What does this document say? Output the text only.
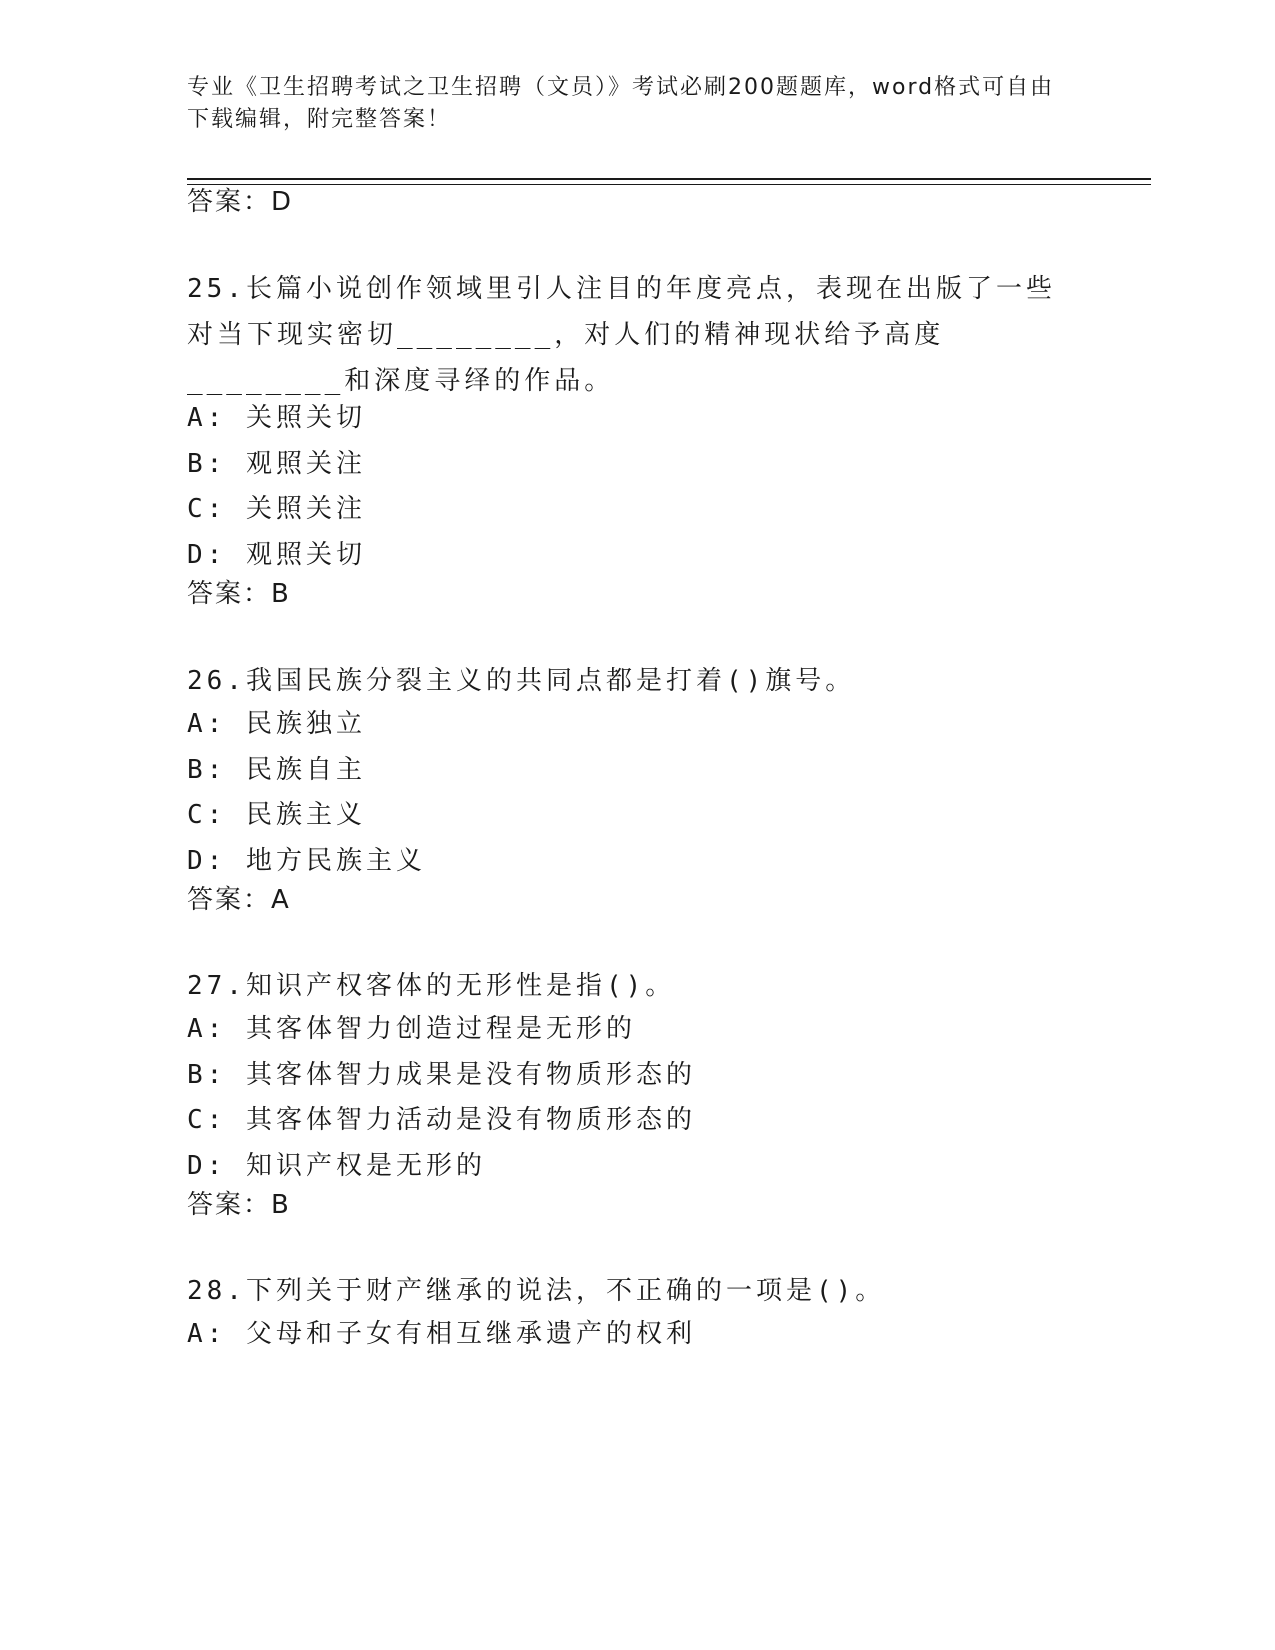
专业《卫生招聘考试之卫生招聘（文员）》考试必刷200题题库，word格式可自由下载编辑，附完整答案！
答案：D
25.长篇小说创作领域里引人注目的年度亮点，表现在出版了一些对当下现实密切________，对人们的精神现状给予高度________和深度寻绎的作品。
A: 关照关切
B: 观照关注
C: 关照关注
D: 观照关切
答案：B
26.我国民族分裂主义的共同点都是打着()旗号。
A: 民族独立
B: 民族自主
C: 民族主义
D: 地方民族主义
答案：A
27.知识产权客体的无形性是指()。
A: 其客体智力创造过程是无形的
B: 其客体智力成果是没有物质形态的
C: 其客体智力活动是没有物质形态的
D: 知识产权是无形的
答案：B
28.下列关于财产继承的说法，不正确的一项是()。
A: 父母和子女有相互继承遗产的权利
